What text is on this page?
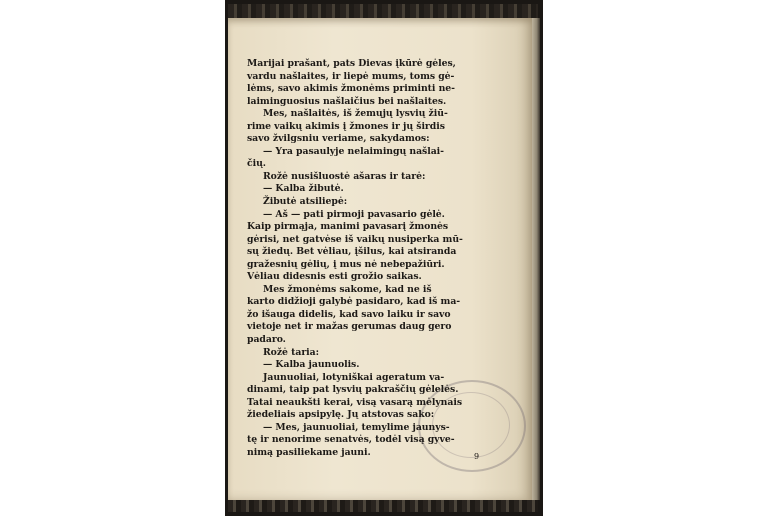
Marijai prašant, pats Dievas įkūrė gėles,
vardu našlaites, ir liepė mums, toms gė-
lėms, savo akimis žmonėms priminti ne-
laiminguosius našlaičius bei našlaites.
Mes, našlaitės, iš žemųjų lysvių žiū-
rime vaikų akimis į žmones ir jų širdis
savo žvilgsniu veriame, sakydamos:
— Yra pasaulyje nelaimingų našlai-
čių.
Rožė nusišluostė ašaras ir tarė:
— Kalba žibutė.
Žibutė atsiliepė:
— Aš — pati pirmoji pavasario gėlė.
Kaip pirmąja, manimi pavasarį žmonės
gėrisi, net gatvėse iš vaikų nusiperka mū-
sų žiedų. Bet vėliau, įšilus, kai atsiranda
gražesnių gėlių, į mus nė nebepažiūri.
Vėliau didesnis esti grožio saikas.
Mes žmonėms sakome, kad ne iš
karto didžioji galybė pasidaro, kad iš ma-
žo išauga didelis, kad savo laiku ir savo
vietoje net ir mažas gerumas daug gero
padaro.
Rožė taria:
— Kalba jaunuolis.
Jaunuoliai, lotyniškai ageratum va-
dinami, taip pat lysvių pakraščių gėlelės.
Tatai neaukšti kerai, visą vasarą mėlynais
žiedeliais apsipylę. Jų atstovas sako:
— Mes, jaunuoliai, temylime jaunys-
tę ir nenorime senatvės, todėl visą gyve-
nimą pasiliekame jauni.	9
